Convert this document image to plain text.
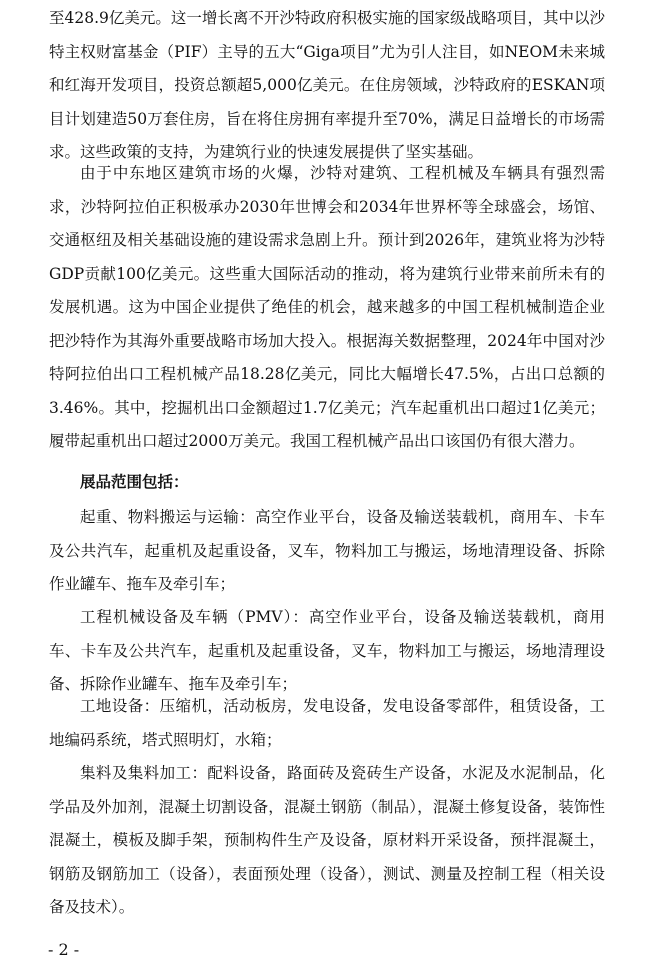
至428.9亿美元。这一增长离不开沙特政府积极实施的国家级战略项目，其中以沙特主权财富基金（PIF）主导的五大“Giga项目”尤为引人注目，如NEOM未来城和红海开发项目，投资总额超5,000亿美元。在住房领域，沙特政府的ESKAN项目计划建造50万套住房，旨在将住房拥有率提升至70%，满足日益增长的市场需求。这些政策的支持，为建筑行业的快速发展提供了坚实基础。

由于中东地区建筑市场的火爆，沙特对建筑、工程机械及车辆具有强烈需求，沙特阿拉伯正积极承办2030年世博会和2034年世界杯等全球盛会，场馆、交通枢纽及相关基础设施的建设需求急剧上升。预计到2026年，建筑业将为沙特GDP贡献100亿美元。这些重大国际活动的推动，将为建筑行业带来前所未有的发展机遇。这为中国企业提供了绝佳的机会，越来越多的中国工程机械制造企业把沙特作为其海外重要战略市场加大投入。根据海关数据整理，2024年中国对沙特阿拉伯出口工程机械产品18.28亿美元，同比大幅增长47.5%，占出口总额的3.46%。其中，挖掘机出口金额超过1.7亿美元；汽车起重机出口超过1亿美元；履带起重机出口超过2000万美元。我国工程机械产品出口该国仍有很大潜力。

展品范围包括：

起重、物料搬运与运输：高空作业平台，设备及输送装载机，商用车、卡车及公共汽车，起重机及起重设备，叉车，物料加工与搬运，场地清理设备、拆除作业罐车、拖车及牵引车；

工程机械设备及车辆（PMV）：高空作业平台，设备及输送装载机，商用车、卡车及公共汽车，起重机及起重设备，叉车，物料加工与搬运，场地清理设备、拆除作业罐车、拖车及牵引车；

工地设备：压缩机，活动板房，发电设备，发电设备零部件，租赁设备，工地编码系统，塔式照明灯，水箱；

集料及集料加工：配料设备，路面砖及瓷砖生产设备，水泥及水泥制品，化学品及外加剂，混凝土切割设备，混凝土钢筋（制品），混凝土修复设备，装饰性混凝土，模板及脚手架，预制构件生产及设备，原材料开采设备，预拌混凝土，钢筋及钢筋加工（设备），表面预处理（设备），测试、测量及控制工程（相关设备及技术）。

- 2 -
